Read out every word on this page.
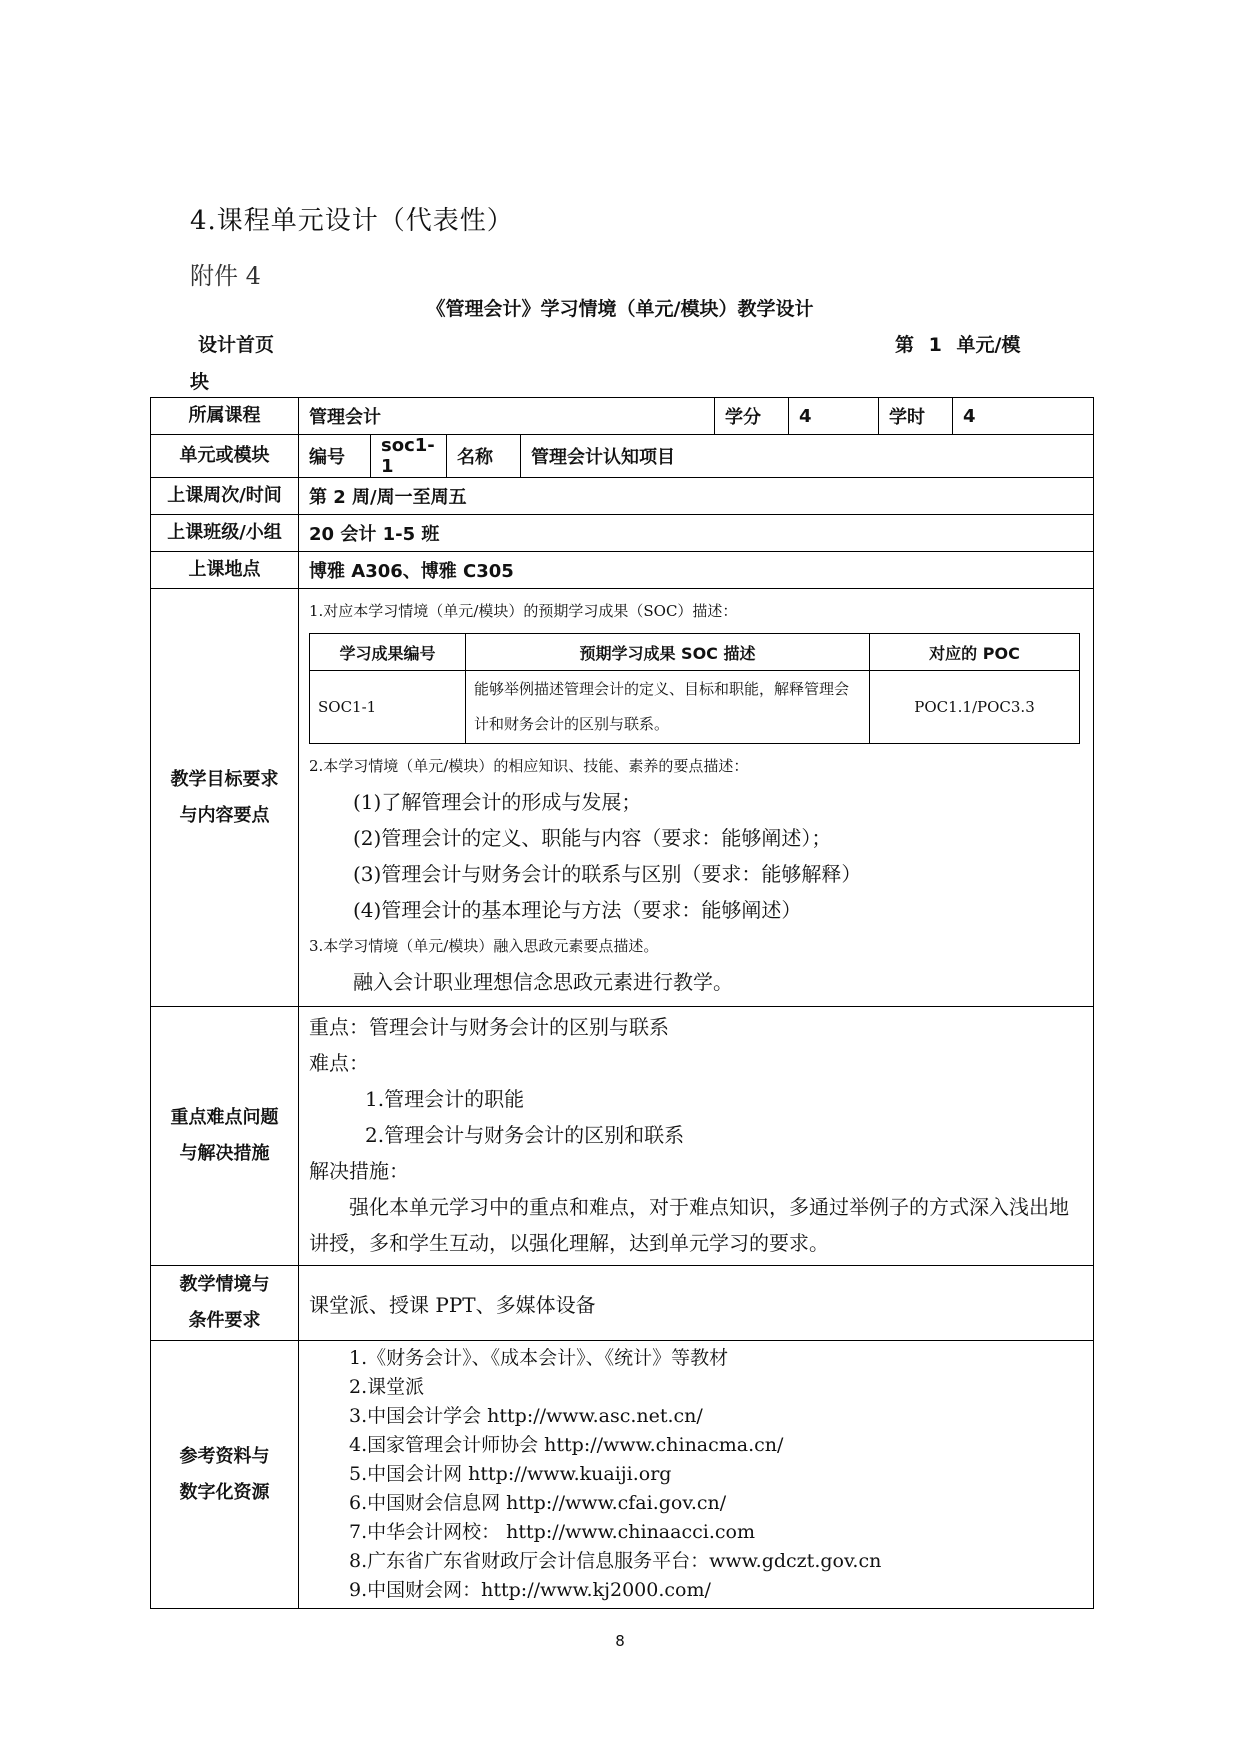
4.课程单元设计（代表性）
附件 4
《管理会计》学习情境（单元/模块）教学设计
设计首页	第 1 单元/模
块
所属课程	管理会计	学分	4	学时	4
单元或模块	编号	soc1-1	名称	管理会计认知项目
上课周次/时间	第 2 周/周一至周五
上课班级/小组	20 会计 1-5 班
上课地点	博雅 A306、博雅 C305

教学目标要求
与内容要点

1.对应本学习情境（单元/模块）的预期学习成果（SOC）描述：
学习成果编号	预期学习成果 SOC 描述	对应的 POC
SOC1-1	能够举例描述管理会计的定义、目标和职能，解释管理会计和财务会计的区别与联系。	POC1.1/POC3.3
2.本学习情境（单元/模块）的相应知识、技能、素养的要点描述：
(1)了解管理会计的形成与发展；
(2)管理会计的定义、职能与内容（要求：能够阐述）；
(3)管理会计与财务会计的联系与区别（要求：能够解释）
(4)管理会计的基本理论与方法（要求：能够阐述）
3.本学习情境（单元/模块）融入思政元素要点描述。
融入会计职业理想信念思政元素进行教学。

重点难点问题
与解决措施

重点：管理会计与财务会计的区别与联系
难点：
1.管理会计的职能
2.管理会计与财务会计的区别和联系
解决措施：
强化本单元学习中的重点和难点，对于难点知识，多通过举例子的方式深入浅出地讲授，多和学生互动，以强化理解，达到单元学习的要求。

教学情境与
条件要求
	课堂派、授课 PPT、多媒体设备

参考资料与
数字化资源

1.《财务会计》、《成本会计》、《统计》等教材
2.课堂派
3.中国会计学会 http://www.asc.net.cn/
4.国家管理会计师协会 http://www.chinacma.cn/
5.中国会计网 http://www.kuaiji.org
6.中国财会信息网 http://www.cfai.gov.cn/
7.中华会计网校： http://www.chinaacci.com
8.广东省广东省财政厅会计信息服务平台：www.gdczt.gov.cn
9.中国财会网：http://www.kj2000.com/
8
